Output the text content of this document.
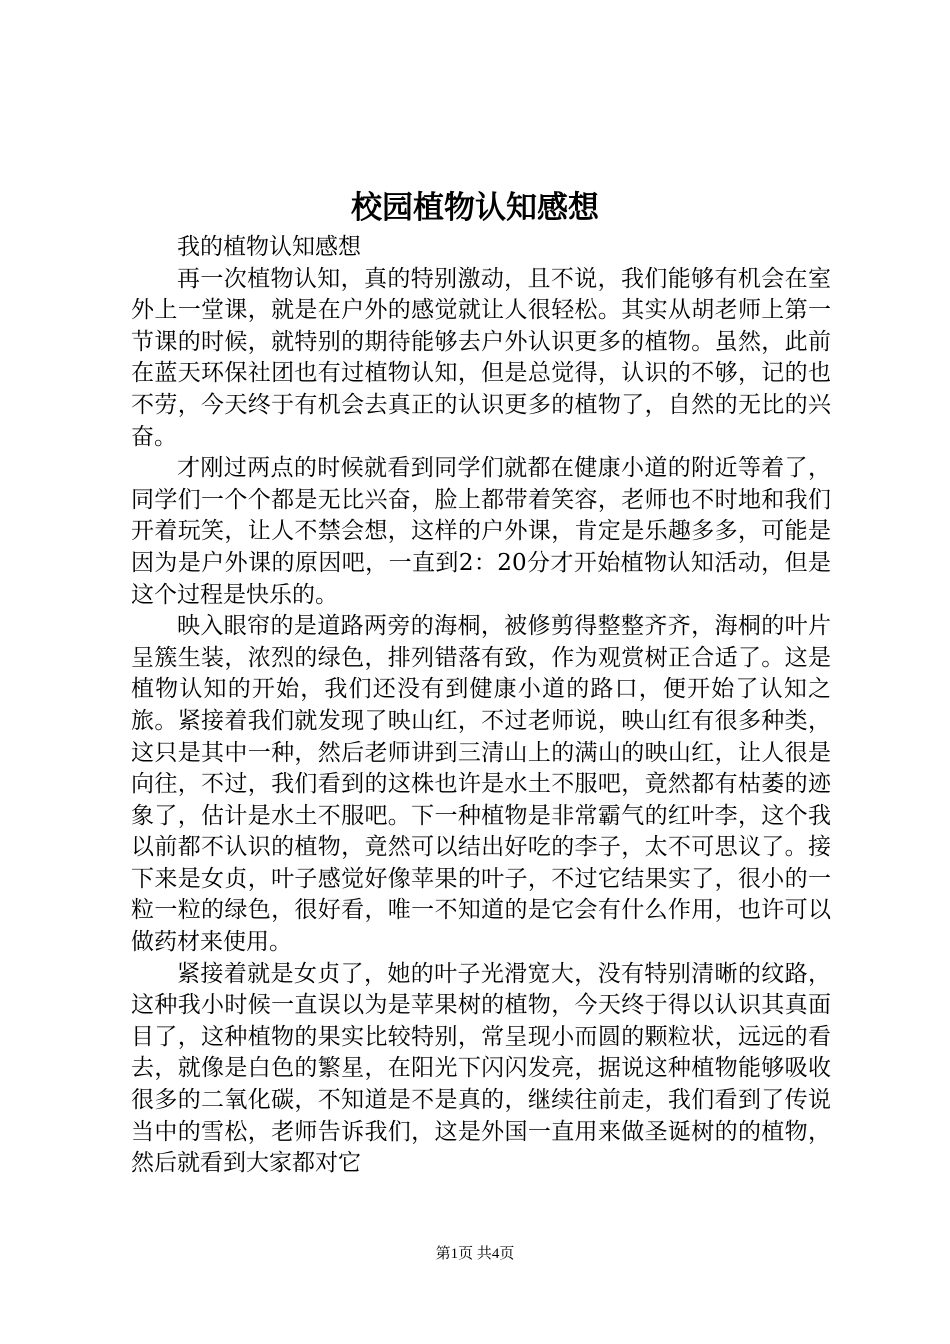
校园植物认知感想

我的植物认知感想

再一次植物认知，真的特别激动，且不说，我们能够有机会在室外上一堂课，就是在户外的感觉就让人很轻松。其实从胡老师上第一节课的时候，就特别的期待能够去户外认识更多的植物。虽然，此前在蓝天环保社团也有过植物认知，但是总觉得，认识的不够，记的也不劳，今天终于有机会去真正的认识更多的植物了，自然的无比的兴奋。

才刚过两点的时候就看到同学们就都在健康小道的附近等着了，同学们一个个都是无比兴奋，脸上都带着笑容，老师也不时地和我们开着玩笑，让人不禁会想，这样的户外课，肯定是乐趣多多，可能是因为是户外课的原因吧，一直到2：20分才开始植物认知活动，但是这个过程是快乐的。

映入眼帘的是道路两旁的海桐，被修剪得整整齐齐，海桐的叶片呈簇生装，浓烈的绿色，排列错落有致，作为观赏树正合适了。这是植物认知的开始，我们还没有到健康小道的路口，便开始了认知之旅。紧接着我们就发现了映山红，不过老师说，映山红有很多种类，这只是其中一种，然后老师讲到三清山上的满山的映山红，让人很是向往，不过，我们看到的这株也许是水土不服吧，竟然都有枯萎的迹象了，估计是水土不服吧。下一种植物是非常霸气的红叶李，这个我以前都不认识的植物，竟然可以结出好吃的李子，太不可思议了。接下来是女贞，叶子感觉好像苹果的叶子，不过它结果实了，很小的一粒一粒的绿色，很好看，唯一不知道的是它会有什么作用，也许可以做药材来使用。

紧接着就是女贞了，她的叶子光滑宽大，没有特别清晰的纹路，这种我小时候一直误以为是苹果树的植物，今天终于得以认识其真面目了，这种植物的果实比较特别，常呈现小而圆的颗粒状，远远的看去，就像是白色的繁星，在阳光下闪闪发亮，据说这种植物能够吸收很多的二氧化碳，不知道是不是真的，继续往前走，我们看到了传说当中的雪松，老师告诉我们，这是外国一直用来做圣诞树的的植物，然后就看到大家都对它

第1页 共4页
